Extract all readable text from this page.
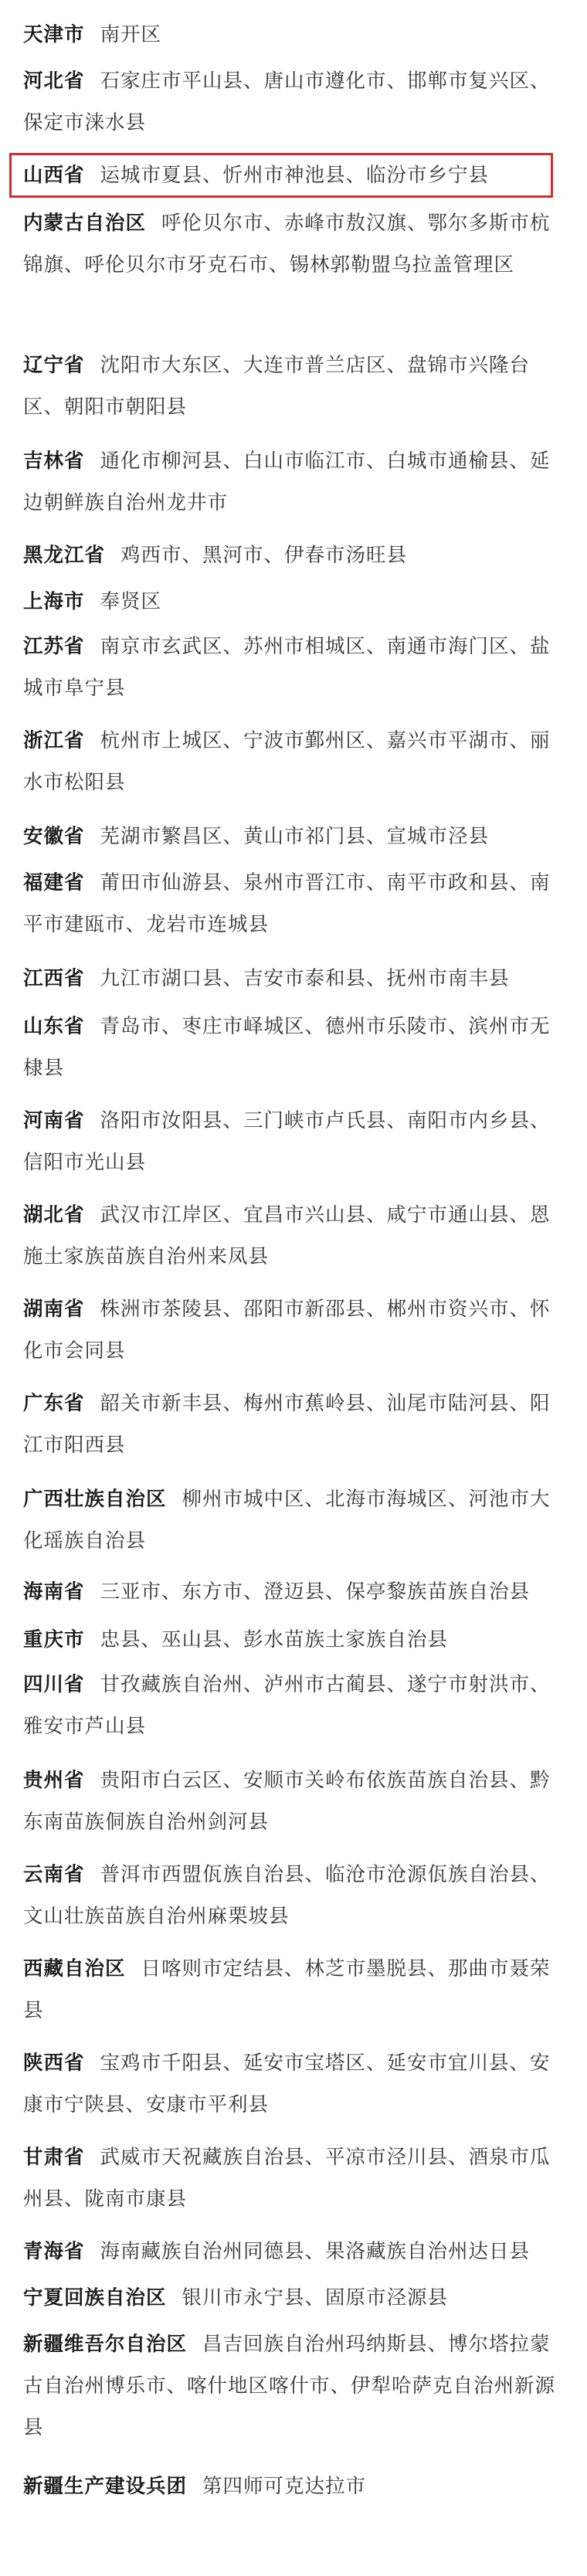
天津市 南开区
河北省 石家庄市平山县、唐山市遵化市、邯郸市复兴区、保定市涞水县
山西省 运城市夏县、忻州市神池县、临汾市乡宁县
内蒙古自治区 呼伦贝尔市、赤峰市敖汉旗、鄂尔多斯市杭锦旗、呼伦贝尔市牙克石市、锡林郭勒盟乌拉盖管理区
辽宁省 沈阳市大东区、大连市普兰店区、盘锦市兴隆台区、朝阳市朝阳县
吉林省 通化市柳河县、白山市临江市、白城市通榆县、延边朝鲜族自治州龙井市
黑龙江省 鸡西市、黑河市、伊春市汤旺县
上海市 奉贤区
江苏省 南京市玄武区、苏州市相城区、南通市海门区、盐城市阜宁县
浙江省 杭州市上城区、宁波市鄞州区、嘉兴市平湖市、丽水市松阳县
安徽省 芜湖市繁昌区、黄山市祁门县、宣城市泾县
福建省 莆田市仙游县、泉州市晋江市、南平市政和县、南平市建瓯市、龙岩市连城县
江西省 九江市湖口县、吉安市泰和县、抚州市南丰县
山东省 青岛市、枣庄市峄城区、德州市乐陵市、滨州市无棣县
河南省 洛阳市汝阳县、三门峡市卢氏县、南阳市内乡县、信阳市光山县
湖北省 武汉市江岸区、宜昌市兴山县、咸宁市通山县、恩施土家族苗族自治州来凤县
湖南省 株洲市茶陵县、邵阳市新邵县、郴州市资兴市、怀化市会同县
广东省 韶关市新丰县、梅州市蕉岭县、汕尾市陆河县、阳江市阳西县
广西壮族自治区 柳州市城中区、北海市海城区、河池市大化瑶族自治县
海南省 三亚市、东方市、澄迈县、保亭黎族苗族自治县
重庆市 忠县、巫山县、彭水苗族土家族自治县
四川省 甘孜藏族自治州、泸州市古蔺县、遂宁市射洪市、雅安市芦山县
贵州省 贵阳市白云区、安顺市关岭布依族苗族自治县、黔东南苗族侗族自治州剑河县
云南省 普洱市西盟佤族自治县、临沧市沧源佤族自治县、文山壮族苗族自治州麻栗坡县
西藏自治区 日喀则市定结县、林芝市墨脱县、那曲市聂荣县
陕西省 宝鸡市千阳县、延安市宝塔区、延安市宜川县、安康市宁陕县、安康市平利县
甘肃省 武威市天祝藏族自治县、平凉市泾川县、酒泉市瓜州县、陇南市康县
青海省 海南藏族自治州同德县、果洛藏族自治州达日县
宁夏回族自治区 银川市永宁县、固原市泾源县
新疆维吾尔自治区 昌吉回族自治州玛纳斯县、博尔塔拉蒙古自治州博乐市、喀什地区喀什市、伊犁哈萨克自治州新源县
新疆生产建设兵团 第四师可克达拉市
